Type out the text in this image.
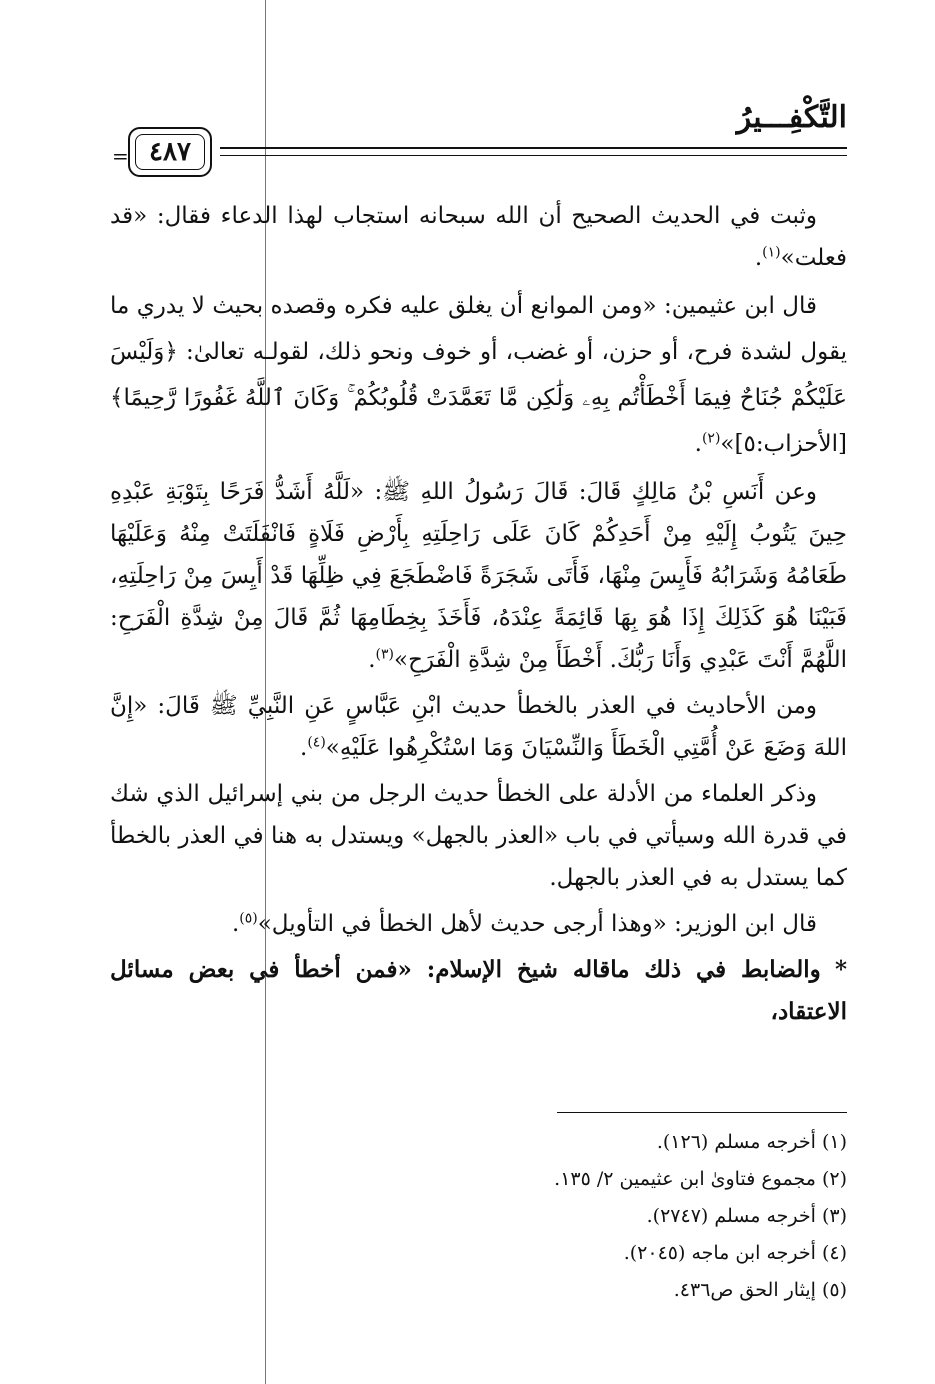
التَّكْفِـــيرُ
= ٤٨٧

وثبت في الحديث الصحيح أن الله سبحانه استجاب لهذا الدعاء فقال: «قد فعلت»$^{(١)}$.

قال ابن عثيمين: «ومن الموانع أن يغلق عليه فكره وقصده بحيث لا يدري ما يقول لشدة فرح، أو حزن، أو غضب، أو خوف ونحو ذلك، لقولـه تعالىٰ: ﴿وَلَيْسَ عَلَيْكُمْ جُنَاحٌ فِيمَا أَخْطَأْتُم بِهِۦ وَلَٰكِن مَّا تَعَمَّدَتْ قُلُوبُكُمْ ۚ وَكَانَ ٱللَّهُ غَفُورًا رَّحِيمًا﴾ [الأحزاب:٥]»$^{(٢)}$.

وعن أَنَسِ بْنُ مَالِكٍ قَالَ: قَالَ رَسُولُ اللهِ ﷺ: «لَلَّهُ أَشَدُّ فَرَحًا بِتَوْبَةِ عَبْدِهِ حِينَ يَتُوبُ إِلَيْهِ مِنْ أَحَدِكُمْ كَانَ عَلَى رَاحِلَتِهِ بِأَرْضِ فَلَاةٍ فَانْفَلَتَتْ مِنْهُ وَعَلَيْهَا طَعَامُهُ وَشَرَابُهُ فَأَيِسَ مِنْهَا، فَأَتَى شَجَرَةً فَاضْطَجَعَ فِي ظِلِّهَا قَدْ أَيِسَ مِنْ رَاحِلَتِهِ، فَبَيْنَا هُوَ كَذَلِكَ إِذَا هُوَ بِهَا قَائِمَةً عِنْدَهُ، فَأَخَذَ بِخِطَامِهَا ثُمَّ قَالَ مِنْ شِدَّةِ الْفَرَحِ: اللَّهُمَّ أَنْتَ عَبْدِي وَأَنَا رَبُّكَ. أَخْطَأَ مِنْ شِدَّةِ الْفَرَحِ»$^{(٣)}$.

ومن الأحاديث في العذر بالخطأ حديث ابْنِ عَبَّاسٍ عَنِ النَّبِيِّ ﷺ قَالَ: «إِنَّ اللهَ وَضَعَ عَنْ أُمَّتِي الْخَطَأَ وَالنِّسْيَانَ وَمَا اسْتُكْرِهُوا عَلَيْهِ»$^{(٤)}$.

وذكر العلماء من الأدلة على الخطأ حديث الرجل من بني إسرائيل الذي شك في قدرة الله وسيأتي في باب «العذر بالجهل» ويستدل به هنا في العذر بالخطأ كما يستدل به في العذر بالجهل.

قال ابن الوزير: «وهذا أرجى حديث لأهل الخطأ في التأويل»$^{(٥)}$.

* والضابط في ذلك ماقاله شيخ الإسلام: «فمن أخطأ في بعض مسائل الاعتقاد،

(١) أخرجه مسلم (١٢٦).
(٢) مجموع فتاوىٰ ابن عثيمين ٢/ ١٣٥.
(٣) أخرجه مسلم (٢٧٤٧).
(٤) أخرجه ابن ماجه (٢٠٤٥).
(٥) إيثار الحق ص٤٣٦.
